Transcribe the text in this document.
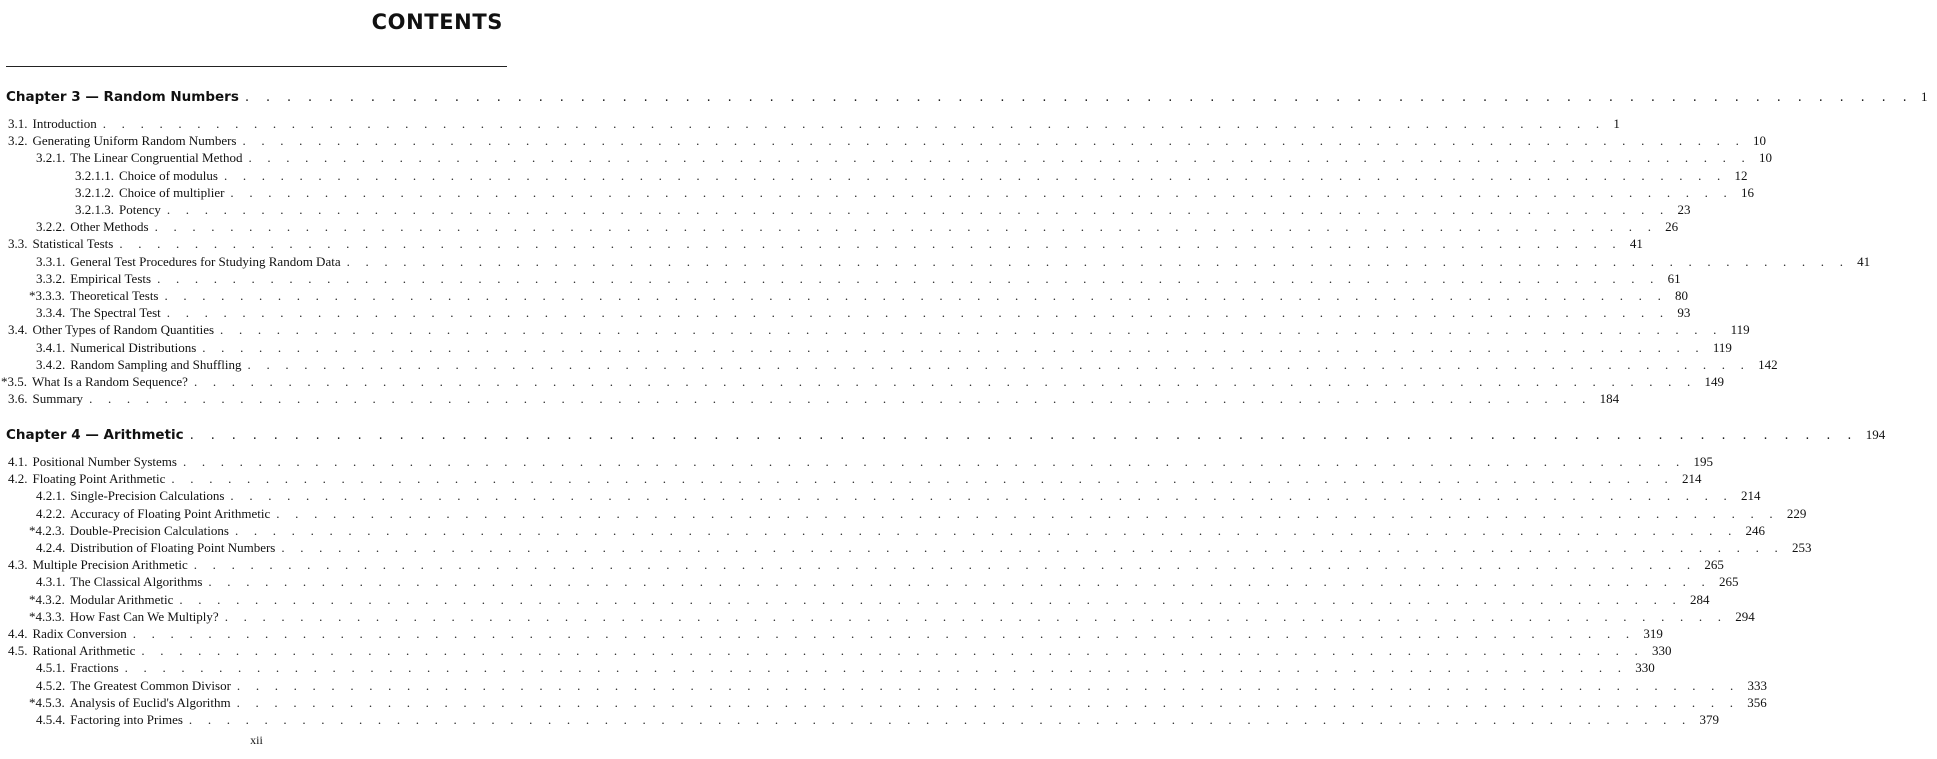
CONTENTS
Chapter 3 — Random Numbers . . . . . . . . . . . . . . . . . . . . . . . . . . . . . . . . . . . . . . . . . . . . . . . . . . . . . . . . . . . . . . . . . . . . . . . . . . . . . . . . 1
3.1. Introduction . . . . . . . . . . . . . . . . . . . . . . . . . . . . . . . . . . . . . . . . . . . . . . . . . . . . . . . . . . . . . . . . . . . . . . . . . . . . . . . . 1
3.2. Generating Uniform Random Numbers . . . . . . . . . . . . . . . . . . . . . . . . . . . . . . . . . . . . . . . . . . . . . . . . . . . . . . . . . . . . . . . . . . . . . . . . . . . . . . . . 10
3.2.1. The Linear Congruential Method . . . . . . . . . . . . . . . . . . . . . . . . . . . . . . . . . . . . . . . . . . . . . . . . . . . . . . . . . . . . . . . . . . . . . . . . . . . . . . . . 10
3.2.1.1. Choice of modulus . . . . . . . . . . . . . . . . . . . . . . . . . . . . . . . . . . . . . . . . . . . . . . . . . . . . . . . . . . . . . . . . . . . . . . . . . . . . . . . . 12
3.2.1.2. Choice of multiplier . . . . . . . . . . . . . . . . . . . . . . . . . . . . . . . . . . . . . . . . . . . . . . . . . . . . . . . . . . . . . . . . . . . . . . . . . . . . . . . . 16
3.2.1.3. Potency . . . . . . . . . . . . . . . . . . . . . . . . . . . . . . . . . . . . . . . . . . . . . . . . . . . . . . . . . . . . . . . . . . . . . . . . . . . . . . . . 23
3.2.2. Other Methods . . . . . . . . . . . . . . . . . . . . . . . . . . . . . . . . . . . . . . . . . . . . . . . . . . . . . . . . . . . . . . . . . . . . . . . . . . . . . . . . 26
3.3. Statistical Tests . . . . . . . . . . . . . . . . . . . . . . . . . . . . . . . . . . . . . . . . . . . . . . . . . . . . . . . . . . . . . . . . . . . . . . . . . . . . . . . . 41
3.3.1. General Test Procedures for Studying Random Data . . . . . . . . . . . . . . . . . . . . . . . . . . . . . . . . . . . . . . . . . . . . . . . . . . . . . . . . . . . . . . . . . . . . . . . . . . . . . . . . 41
3.3.2. Empirical Tests . . . . . . . . . . . . . . . . . . . . . . . . . . . . . . . . . . . . . . . . . . . . . . . . . . . . . . . . . . . . . . . . . . . . . . . . . . . . . . . . 61
*3.3.3. Theoretical Tests . . . . . . . . . . . . . . . . . . . . . . . . . . . . . . . . . . . . . . . . . . . . . . . . . . . . . . . . . . . . . . . . . . . . . . . . . . . . . . . . 80
3.3.4. The Spectral Test . . . . . . . . . . . . . . . . . . . . . . . . . . . . . . . . . . . . . . . . . . . . . . . . . . . . . . . . . . . . . . . . . . . . . . . . . . . . . . . . 93
3.4. Other Types of Random Quantities . . . . . . . . . . . . . . . . . . . . . . . . . . . . . . . . . . . . . . . . . . . . . . . . . . . . . . . . . . . . . . . . . . . . . . . . . . . . . . . . 119
3.4.1. Numerical Distributions . . . . . . . . . . . . . . . . . . . . . . . . . . . . . . . . . . . . . . . . . . . . . . . . . . . . . . . . . . . . . . . . . . . . . . . . . . . . . . . . 119
3.4.2. Random Sampling and Shuffling . . . . . . . . . . . . . . . . . . . . . . . . . . . . . . . . . . . . . . . . . . . . . . . . . . . . . . . . . . . . . . . . . . . . . . . . . . . . . . . . 142
*3.5. What Is a Random Sequence? . . . . . . . . . . . . . . . . . . . . . . . . . . . . . . . . . . . . . . . . . . . . . . . . . . . . . . . . . . . . . . . . . . . . . . . . . . . . . . . . 149
3.6. Summary . . . . . . . . . . . . . . . . . . . . . . . . . . . . . . . . . . . . . . . . . . . . . . . . . . . . . . . . . . . . . . . . . . . . . . . . . . . . . . . . 184
Chapter 4 — Arithmetic . . . . . . . . . . . . . . . . . . . . . . . . . . . . . . . . . . . . . . . . . . . . . . . . . . . . . . . . . . . . . . . . . . . . . . . . . . . . . . . . 194
4.1. Positional Number Systems . . . . . . . . . . . . . . . . . . . . . . . . . . . . . . . . . . . . . . . . . . . . . . . . . . . . . . . . . . . . . . . . . . . . . . . . . . . . . . . . 195
4.2. Floating Point Arithmetic . . . . . . . . . . . . . . . . . . . . . . . . . . . . . . . . . . . . . . . . . . . . . . . . . . . . . . . . . . . . . . . . . . . . . . . . . . . . . . . . 214
4.2.1. Single-Precision Calculations . . . . . . . . . . . . . . . . . . . . . . . . . . . . . . . . . . . . . . . . . . . . . . . . . . . . . . . . . . . . . . . . . . . . . . . . . . . . . . . . 214
4.2.2. Accuracy of Floating Point Arithmetic . . . . . . . . . . . . . . . . . . . . . . . . . . . . . . . . . . . . . . . . . . . . . . . . . . . . . . . . . . . . . . . . . . . . . . . . . . . . . . . . 229
*4.2.3. Double-Precision Calculations . . . . . . . . . . . . . . . . . . . . . . . . . . . . . . . . . . . . . . . . . . . . . . . . . . . . . . . . . . . . . . . . . . . . . . . . . . . . . . . . 246
4.2.4. Distribution of Floating Point Numbers . . . . . . . . . . . . . . . . . . . . . . . . . . . . . . . . . . . . . . . . . . . . . . . . . . . . . . . . . . . . . . . . . . . . . . . . . . . . . . . . 253
4.3. Multiple Precision Arithmetic . . . . . . . . . . . . . . . . . . . . . . . . . . . . . . . . . . . . . . . . . . . . . . . . . . . . . . . . . . . . . . . . . . . . . . . . . . . . . . . . 265
4.3.1. The Classical Algorithms . . . . . . . . . . . . . . . . . . . . . . . . . . . . . . . . . . . . . . . . . . . . . . . . . . . . . . . . . . . . . . . . . . . . . . . . . . . . . . . . 265
*4.3.2. Modular Arithmetic . . . . . . . . . . . . . . . . . . . . . . . . . . . . . . . . . . . . . . . . . . . . . . . . . . . . . . . . . . . . . . . . . . . . . . . . . . . . . . . . 284
*4.3.3. How Fast Can We Multiply? . . . . . . . . . . . . . . . . . . . . . . . . . . . . . . . . . . . . . . . . . . . . . . . . . . . . . . . . . . . . . . . . . . . . . . . . . . . . . . . . 294
4.4. Radix Conversion . . . . . . . . . . . . . . . . . . . . . . . . . . . . . . . . . . . . . . . . . . . . . . . . . . . . . . . . . . . . . . . . . . . . . . . . . . . . . . . . 319
4.5. Rational Arithmetic . . . . . . . . . . . . . . . . . . . . . . . . . . . . . . . . . . . . . . . . . . . . . . . . . . . . . . . . . . . . . . . . . . . . . . . . . . . . . . . . 330
4.5.1. Fractions . . . . . . . . . . . . . . . . . . . . . . . . . . . . . . . . . . . . . . . . . . . . . . . . . . . . . . . . . . . . . . . . . . . . . . . . . . . . . . . . 330
4.5.2. The Greatest Common Divisor . . . . . . . . . . . . . . . . . . . . . . . . . . . . . . . . . . . . . . . . . . . . . . . . . . . . . . . . . . . . . . . . . . . . . . . . . . . . . . . . 333
*4.5.3. Analysis of Euclid's Algorithm . . . . . . . . . . . . . . . . . . . . . . . . . . . . . . . . . . . . . . . . . . . . . . . . . . . . . . . . . . . . . . . . . . . . . . . . . . . . . . . . 356
4.5.4. Factoring into Primes . . . . . . . . . . . . . . . . . . . . . . . . . . . . . . . . . . . . . . . . . . . . . . . . . . . . . . . . . . . . . . . . . . . . . . . . . . . . . . . . 379
xii
